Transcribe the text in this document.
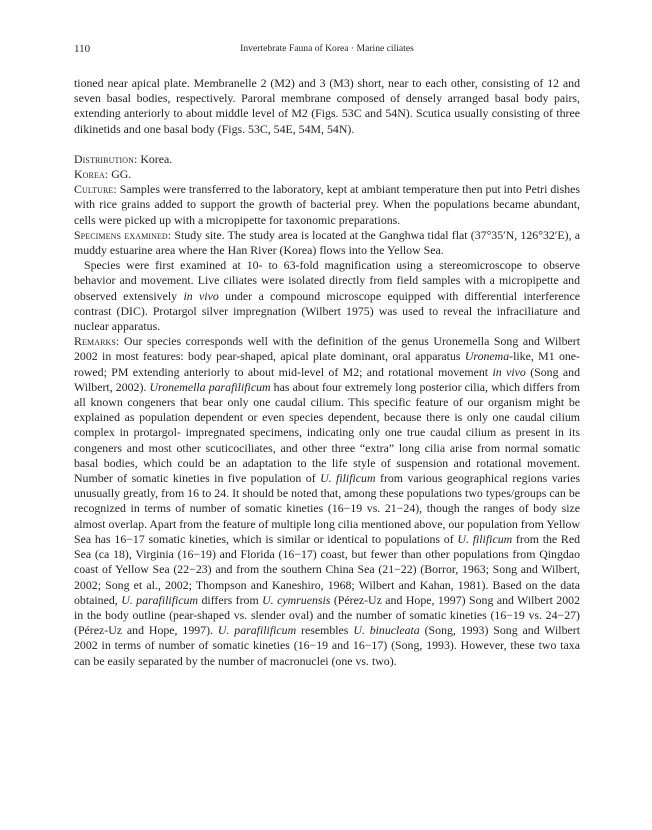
110	Invertebrate Fauna of Korea · Marine ciliates

tioned near apical plate. Membranelle 2 (M2) and 3 (M3) short, near to each other, consisting of 12 and seven basal bodies, respectively. Paroral membrane composed of densely arranged basal body pairs, extending anteriorly to about middle level of M2 (Figs. 53C and 54N). Scutica usually consisting of three dikinetids and one basal body (Figs. 53C, 54E, 54M, 54N).

Distribution: Korea.

Korea: GG.

Culture: Samples were transferred to the laboratory, kept at ambiant temperature then put into Petri dishes with rice grains added to support the growth of bacterial prey. When the populations became abundant, cells were picked up with a micropipette for taxonomic preparations.

Specimens examined: Study site. The study area is located at the Ganghwa tidal flat (37°35′N, 126°32′E), a muddy estuarine area where the Han River (Korea) flows into the Yellow Sea.

Species were first examined at 10- to 63-fold magnification using a stereomicroscope to observe behavior and movement. Live ciliates were isolated directly from field samples with a micropipette and observed extensively in vivo under a compound microscope equipped with differential interference contrast (DIC). Protargol silver impregnation (Wilbert 1975) was used to reveal the infraciliature and nuclear apparatus.

Remarks: Our species corresponds well with the definition of the genus Uronemella Song and Wilbert 2002 in most features: body pear-shaped, apical plate dominant, oral apparatus Uronema-like, M1 one-rowed; PM extending anteriorly to about mid-level of M2; and rotational movement in vivo (Song and Wilbert, 2002). Uronemella parafilificum has about four extremely long posterior cilia, which differs from all known congeners that bear only one caudal cilium. This specific feature of our organism might be explained as population dependent or even species dependent, because there is only one caudal cilium complex in protargol- impregnated specimens, indicating only one true caudal cilium as present in its congeners and most other scuticociliates, and other three “extra” long cilia arise from normal somatic basal bodies, which could be an adaptation to the life style of suspension and rotational movement. Number of somatic kineties in five population of U. filificum from various geographical regions varies unusually greatly, from 16 to 24. It should be noted that, among these populations two types/groups can be recognized in terms of number of somatic kineties (16−19 vs. 21−24), though the ranges of body size almost overlap. Apart from the feature of multiple long cilia mentioned above, our population from Yellow Sea has 16−17 somatic kineties, which is similar or identical to populations of U. filificum from the Red Sea (ca 18), Virginia (16−19) and Florida (16−17) coast, but fewer than other populations from Qingdao coast of Yellow Sea (22−23) and from the southern China Sea (21−22) (Borror, 1963; Song and Wilbert, 2002; Song et al., 2002; Thompson and Kaneshiro, 1968; Wilbert and Kahan, 1981). Based on the data obtained, U. parafilificum differs from U. cymruensis (Pérez-Uz and Hope, 1997) Song and Wilbert 2002 in the body outline (pear-shaped vs. slender oval) and the number of somatic kineties (16−19 vs. 24−27) (Pérez-Uz and Hope, 1997). U. parafilificum resembles U. binucleata (Song, 1993) Song and Wilbert 2002 in terms of number of somatic kineties (16−19 and 16−17) (Song, 1993). However, these two taxa can be easily separated by the number of macronuclei (one vs. two).
